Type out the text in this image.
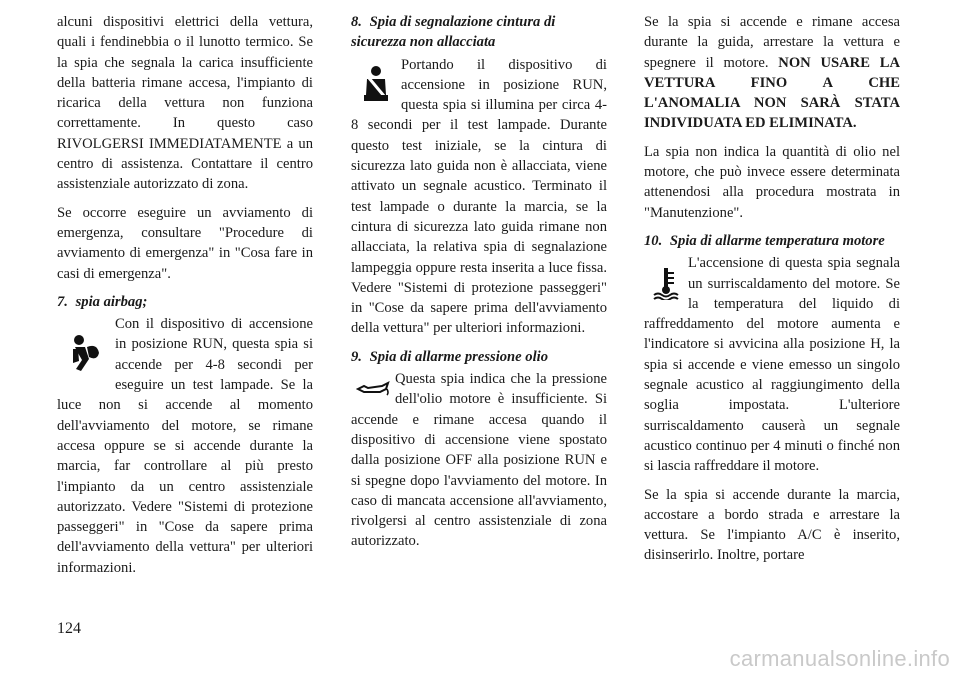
alcuni dispositivi elettrici della vettura, quali i fendinebbia o il lunotto termico. Se la spia che segnala la carica insufficiente della batteria rimane accesa, l'impianto di ricarica della vettura non funziona correttamente. In questo caso RIVOLGERSI IMMEDIATAMENTE a un centro di assistenza. Contattare il centro assistenziale autorizzato di zona.

Se occorre eseguire un avviamento di emergenza, consultare "Procedure di avviamento di emergenza" in "Cosa fare in casi di emergenza".

7. spia airbag;

Con il dispositivo di accensione in posizione RUN, questa spia si accende per 4-8 secondi per eseguire un test lampade. Se la luce non si accende al momento dell'avviamento del motore, se rimane accesa oppure se si accende durante la marcia, far controllare al più presto l'impianto da un centro assistenziale autorizzato. Vedere "Sistemi di protezione passeggeri" in "Cose da sapere prima dell'avviamento della vettura" per ulteriori informazioni.

8. Spia di segnalazione cintura di sicurezza non allacciata

Portando il dispositivo di accensione in posizione RUN, questa spia si illumina per circa 4-8 secondi per il test lampade. Durante questo test iniziale, se la cintura di sicurezza lato guida non è allacciata, viene attivato un segnale acustico. Terminato il test lampade o durante la marcia, se la cintura di sicurezza lato guida rimane non allacciata, la relativa spia di segnalazione lampeggia oppure resta inserita a luce fissa. Vedere "Sistemi di protezione passeggeri" in "Cose da sapere prima dell'avviamento della vettura" per ulteriori informazioni.

9. Spia di allarme pressione olio

Questa spia indica che la pressione dell'olio motore è insufficiente. Si accende e rimane accesa quando il dispositivo di accensione viene spostato dalla posizione OFF alla posizione RUN e si spegne dopo l'avviamento del motore. In caso di mancata accensione all'avviamento, rivolgersi al centro assistenziale di zona autorizzato.

Se la spia si accende e rimane accesa durante la guida, arrestare la vettura e spegnere il motore. NON USARE LA VETTURA FINO A CHE L'ANOMALIA NON SARÀ STATA INDIVIDUATA ED ELIMINATA.

La spia non indica la quantità di olio nel motore, che può invece essere determinata attenendosi alla procedura mostrata in "Manutenzione".

10. Spia di allarme temperatura motore

L'accensione di questa spia segnala un surriscaldamento del motore. Se la temperatura del liquido di raffreddamento del motore aumenta e l'indicatore si avvicina alla posizione H, la spia si accende e viene emesso un singolo segnale acustico al raggiungimento della soglia impostata. L'ulteriore surriscaldamento causerà un segnale acustico continuo per 4 minuti o finché non si lascia raffreddare il motore.

Se la spia si accende durante la marcia, accostare a bordo strada e arrestare la vettura. Se l'impianto A/C è inserito, disinserirlo. Inoltre, portare

124
carmanualsonline.info
